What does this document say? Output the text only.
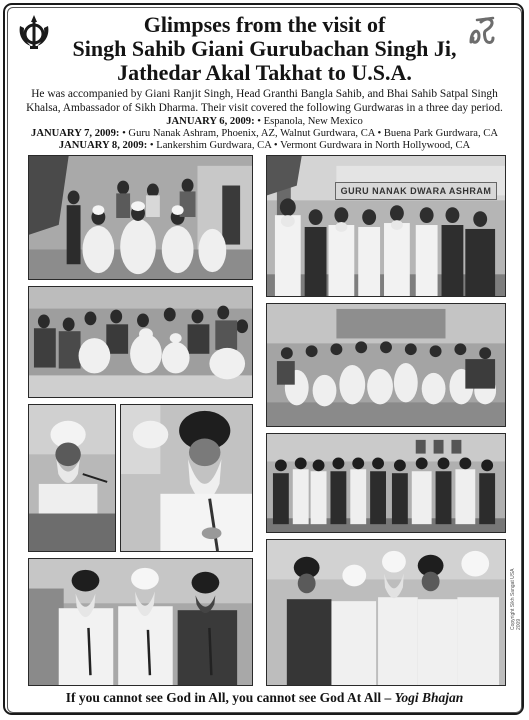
Glimpses from the visit of
Singh Sahib Giani Gurubachan Singh Ji,
Jathedar Akal Takhat to U.S.A.
He was accompanied by Giani Ranjit Singh, Head Granthi Bangla Sahib, and Bhai Sahib Satpal Singh Khalsa, Ambassador of Sikh Dharma. Their visit covered the following Gurdwaras in a three day period.
JANUARY 6, 2009: • Espanola, New Mexico
JANUARY 7, 2009: • Guru Nanak Ashram, Phoenix, AZ, Walnut Gurdwara, CA • Buena Park Gurdwara, CA
JANUARY 8, 2009: • Lankershim Gurdwara, CA • Vermont Gurdwara in North Hollywood, CA
GURU NANAK DWARA ASHRAM
Copyright Sikh Sangat USA 2009
If you cannot see God in All, you cannot see God At All – Yogi Bhajan
